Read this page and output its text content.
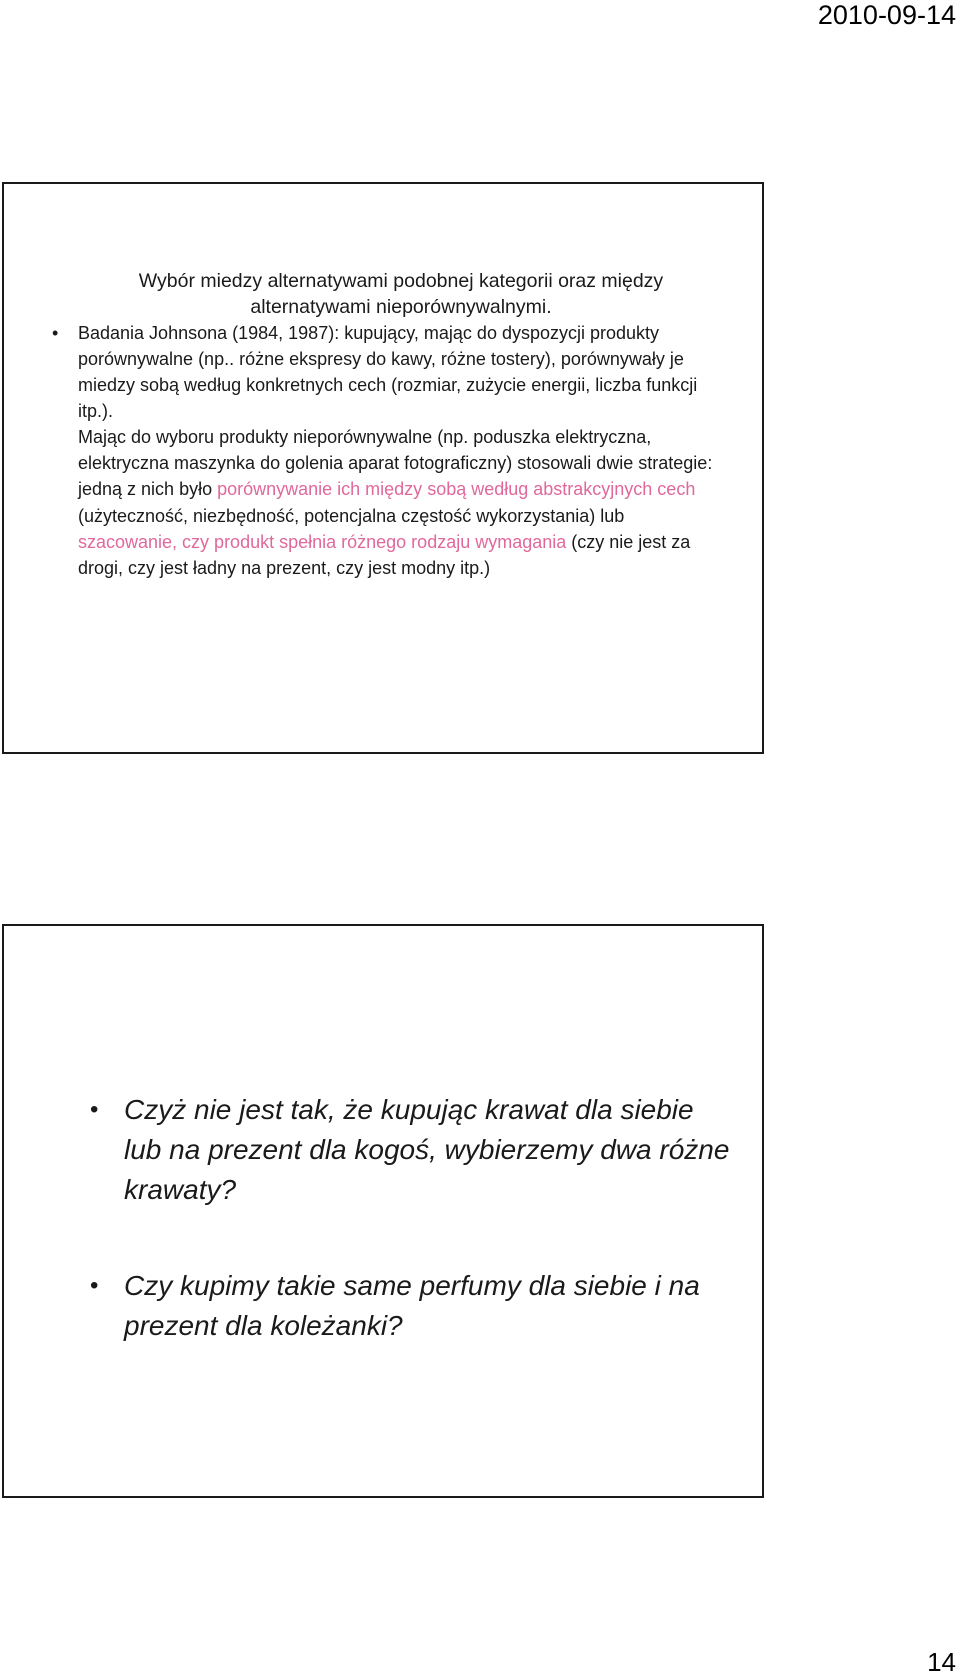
2010-09-14
Wybór miedzy alternatywami podobnej kategorii oraz między
alternatywami nieporównywalnymi.
• Badania Johnsona (1984, 1987): kupujący, mając do dyspozycji produkty porównywalne (np.. różne ekspresy do kawy, różne tostery), porównywały je miedzy sobą według konkretnych cech (rozmiar, zużycie energii, liczba funkcji itp.).

Mając do wyboru produkty nieporównywalne (np. poduszka elektryczna, elektryczna maszynka do golenia aparat fotograficzny) stosowali dwie strategie:

jedną z nich było porównywanie ich między sobą według abstrakcyjnych cech (użyteczność, niezbędność, potencjalna częstość wykorzystania) lub szacowanie, czy produkt spełnia różnego rodzaju wymagania (czy nie jest za drogi, czy jest ładny na prezent, czy jest modny itp.)

• Czyż nie jest tak, że kupując krawat dla siebie lub na prezent dla kogoś, wybierzemy dwa różne krawaty?
• Czy kupimy takie same perfumy dla siebie i na prezent dla koleżanki?
14
